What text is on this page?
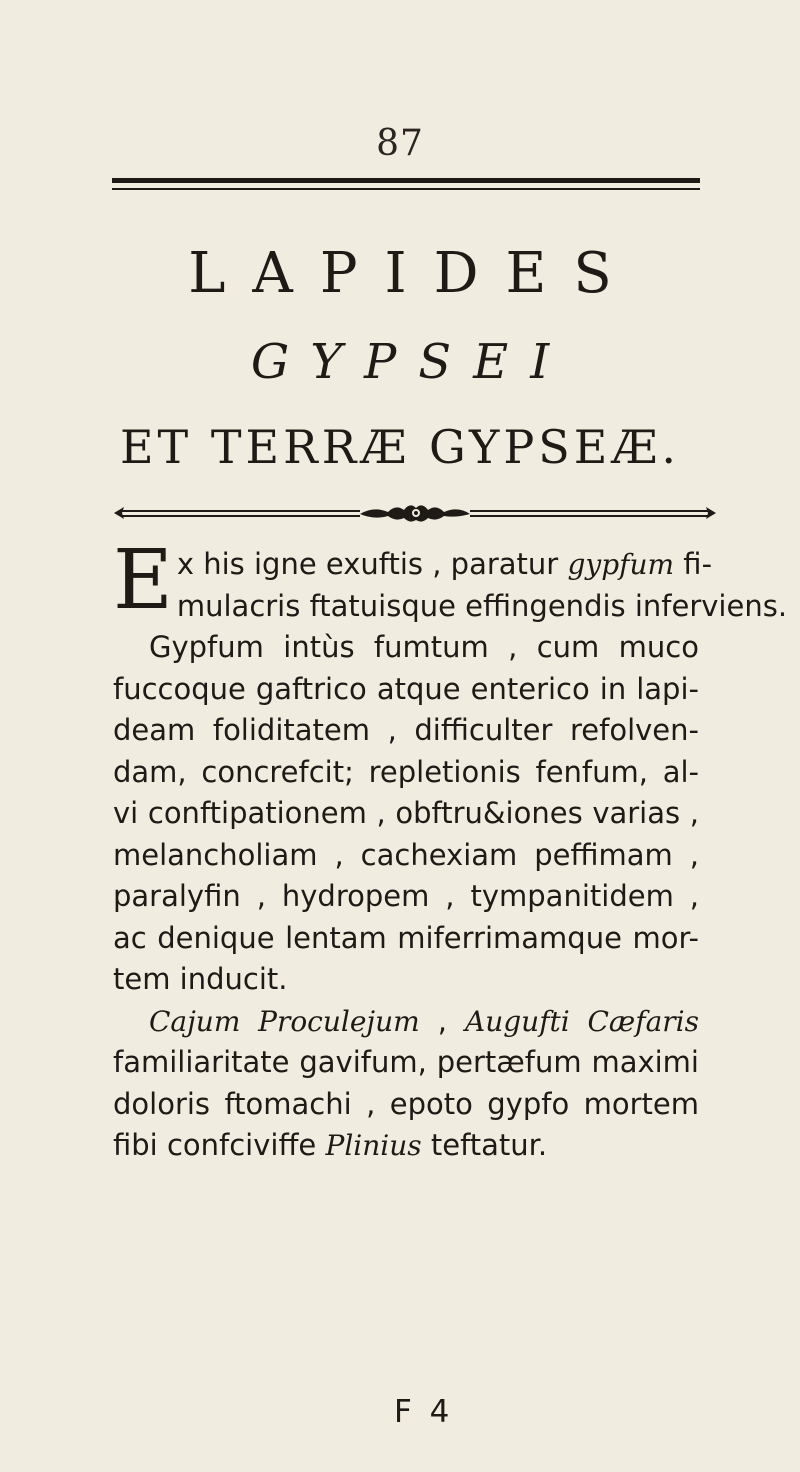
87
LAPIDES
GYPSEI
ET TERRÆ GYPSEÆ.
E x his igne exuftis , paratur gypfum fi-
mulacris ftatuisque effingendis inferviens.
Gypfum intùs fumtum , cum muco
fuccoque gaftrico atque enterico in lapi-
deam foliditatem , difficulter refolven-
dam, concrefcit; repletionis fenfum, al-
vi conftipationem , obftru&iones varias ,
melancholiam , cachexiam peffimam ,
paralyfin , hydropem , tympanitidem ,
ac denique lentam miferrimamque mor-
tem inducit.
Cajum Proculejum , Augufti Cæfaris
familiaritate gavifum, pertæfum maximi
doloris ftomachi , epoto gypfo mortem
fibi confciviffe Plinius teftatur.
F 4
